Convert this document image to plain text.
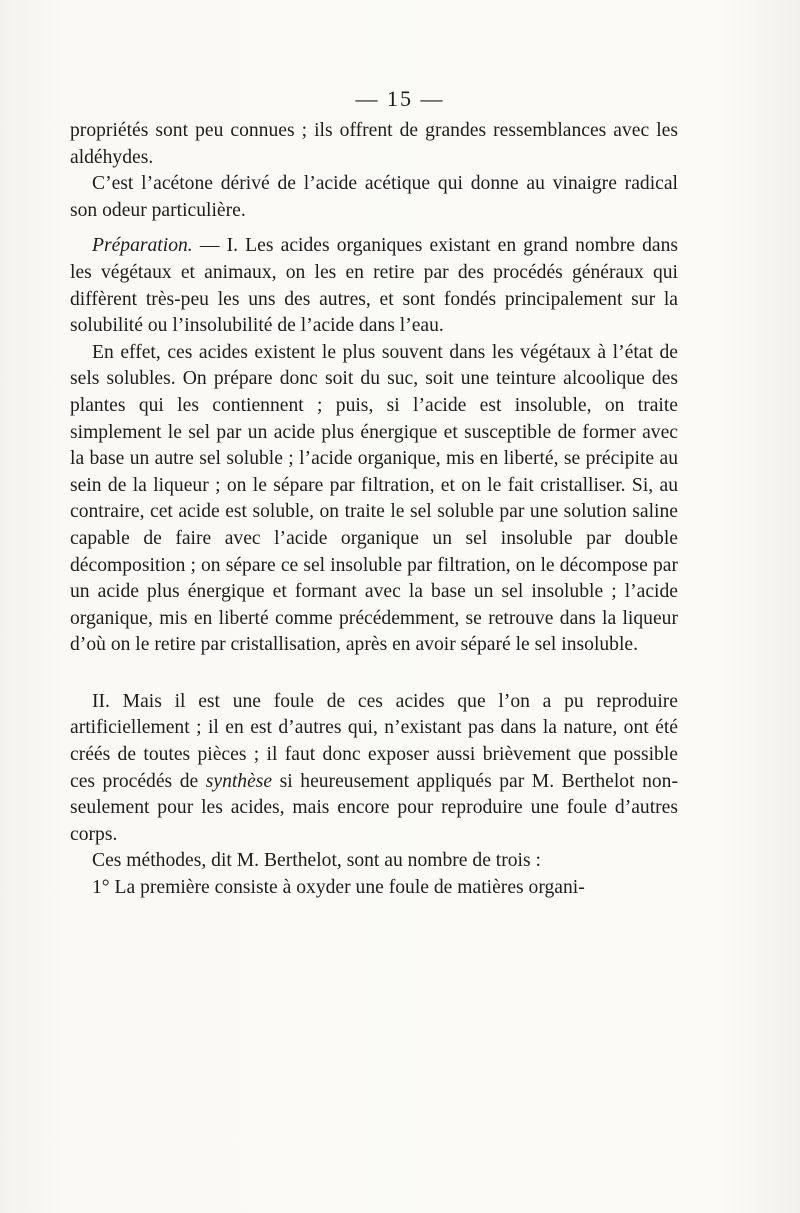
— 15 —

propriétés sont peu connues ; ils offrent de grandes ressemblances avec les aldéhydes.

C’est l’acétone dérivé de l’acide acétique qui donne au vinaigre radical son odeur particulière.

Préparation. — I. Les acides organiques existant en grand nombre dans les végétaux et animaux, on les en retire par des procédés généraux qui diffèrent très-peu les uns des autres, et sont fondés principalement sur la solubilité ou l’insolubilité de l’acide dans l’eau.

En effet, ces acides existent le plus souvent dans les végétaux à l’état de sels solubles. On prépare donc soit du suc, soit une teinture alcoolique des plantes qui les contiennent ; puis, si l’acide est insoluble, on traite simplement le sel par un acide plus énergique et susceptible de former avec la base un autre sel soluble ; l’acide organique, mis en liberté, se précipite au sein de la liqueur ; on le sépare par filtration, et on le fait cristalliser. Si, au contraire, cet acide est soluble, on traite le sel soluble par une solution saline capable de faire avec l’acide organique un sel insoluble par double décomposition ; on sépare ce sel insoluble par filtration, on le décompose par un acide plus énergique et formant avec la base un sel insoluble ; l’acide organique, mis en liberté comme précédemment, se retrouve dans la liqueur d’où on le retire par cristallisation, après en avoir séparé le sel insoluble.

II. Mais il est une foule de ces acides que l’on a pu reproduire artificiellement ; il en est d’autres qui, n’existant pas dans la nature, ont été créés de toutes pièces ; il faut donc exposer aussi brièvement que possible ces procédés de synthèse si heureusement appliqués par M. Berthelot non-seulement pour les acides, mais encore pour reproduire une foule d’autres corps.

Ces méthodes, dit M. Berthelot, sont au nombre de trois :

1° La première consiste à oxyder une foule de matières organi-
